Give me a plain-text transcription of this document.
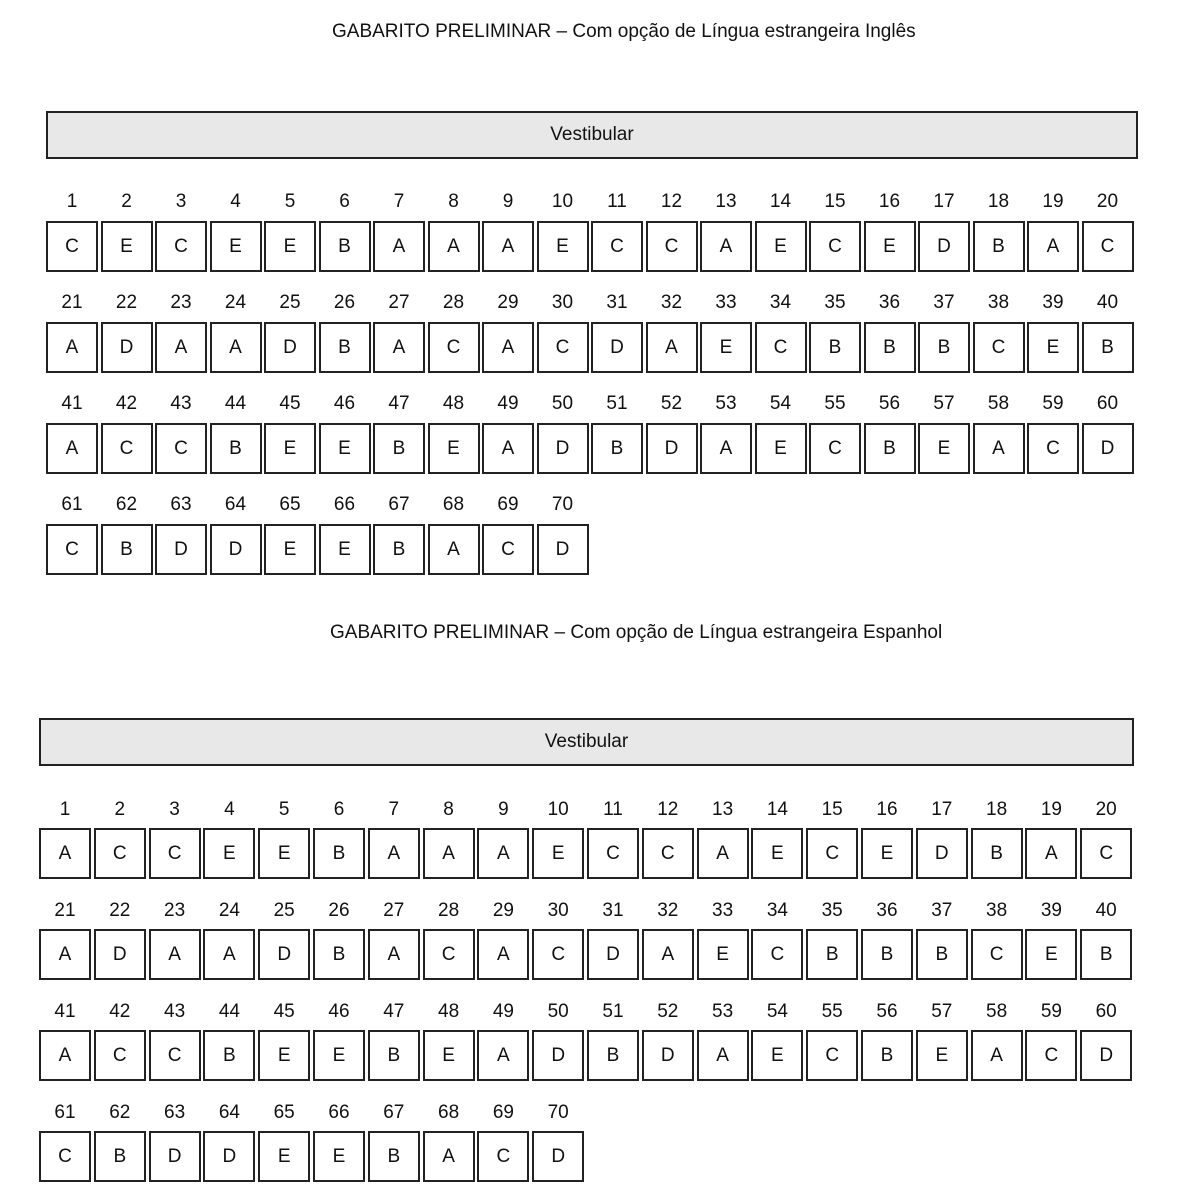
GABARITO PRELIMINAR – Com opção de Língua estrangeira Inglês
Vestibular
1
C
2
E
3
C
4
E
5
E
6
B
7
A
8
A
9
A
10
E
11
C
12
C
13
A
14
E
15
C
16
E
17
D
18
B
19
A
20
C
21
A
22
D
23
A
24
A
25
D
26
B
27
A
28
C
29
A
30
C
31
D
32
A
33
E
34
C
35
B
36
B
37
B
38
C
39
E
40
B
41
A
42
C
43
C
44
B
45
E
46
E
47
B
48
E
49
A
50
D
51
B
52
D
53
A
54
E
55
C
56
B
57
E
58
A
59
C
60
D
61
C
62
B
63
D
64
D
65
E
66
E
67
B
68
A
69
C
70
D
GABARITO PRELIMINAR – Com opção de Língua estrangeira Espanhol
Vestibular
1
A
2
C
3
C
4
E
5
E
6
B
7
A
8
A
9
A
10
E
11
C
12
C
13
A
14
E
15
C
16
E
17
D
18
B
19
A
20
C
21
A
22
D
23
A
24
A
25
D
26
B
27
A
28
C
29
A
30
C
31
D
32
A
33
E
34
C
35
B
36
B
37
B
38
C
39
E
40
B
41
A
42
C
43
C
44
B
45
E
46
E
47
B
48
E
49
A
50
D
51
B
52
D
53
A
54
E
55
C
56
B
57
E
58
A
59
C
60
D
61
C
62
B
63
D
64
D
65
E
66
E
67
B
68
A
69
C
70
D
